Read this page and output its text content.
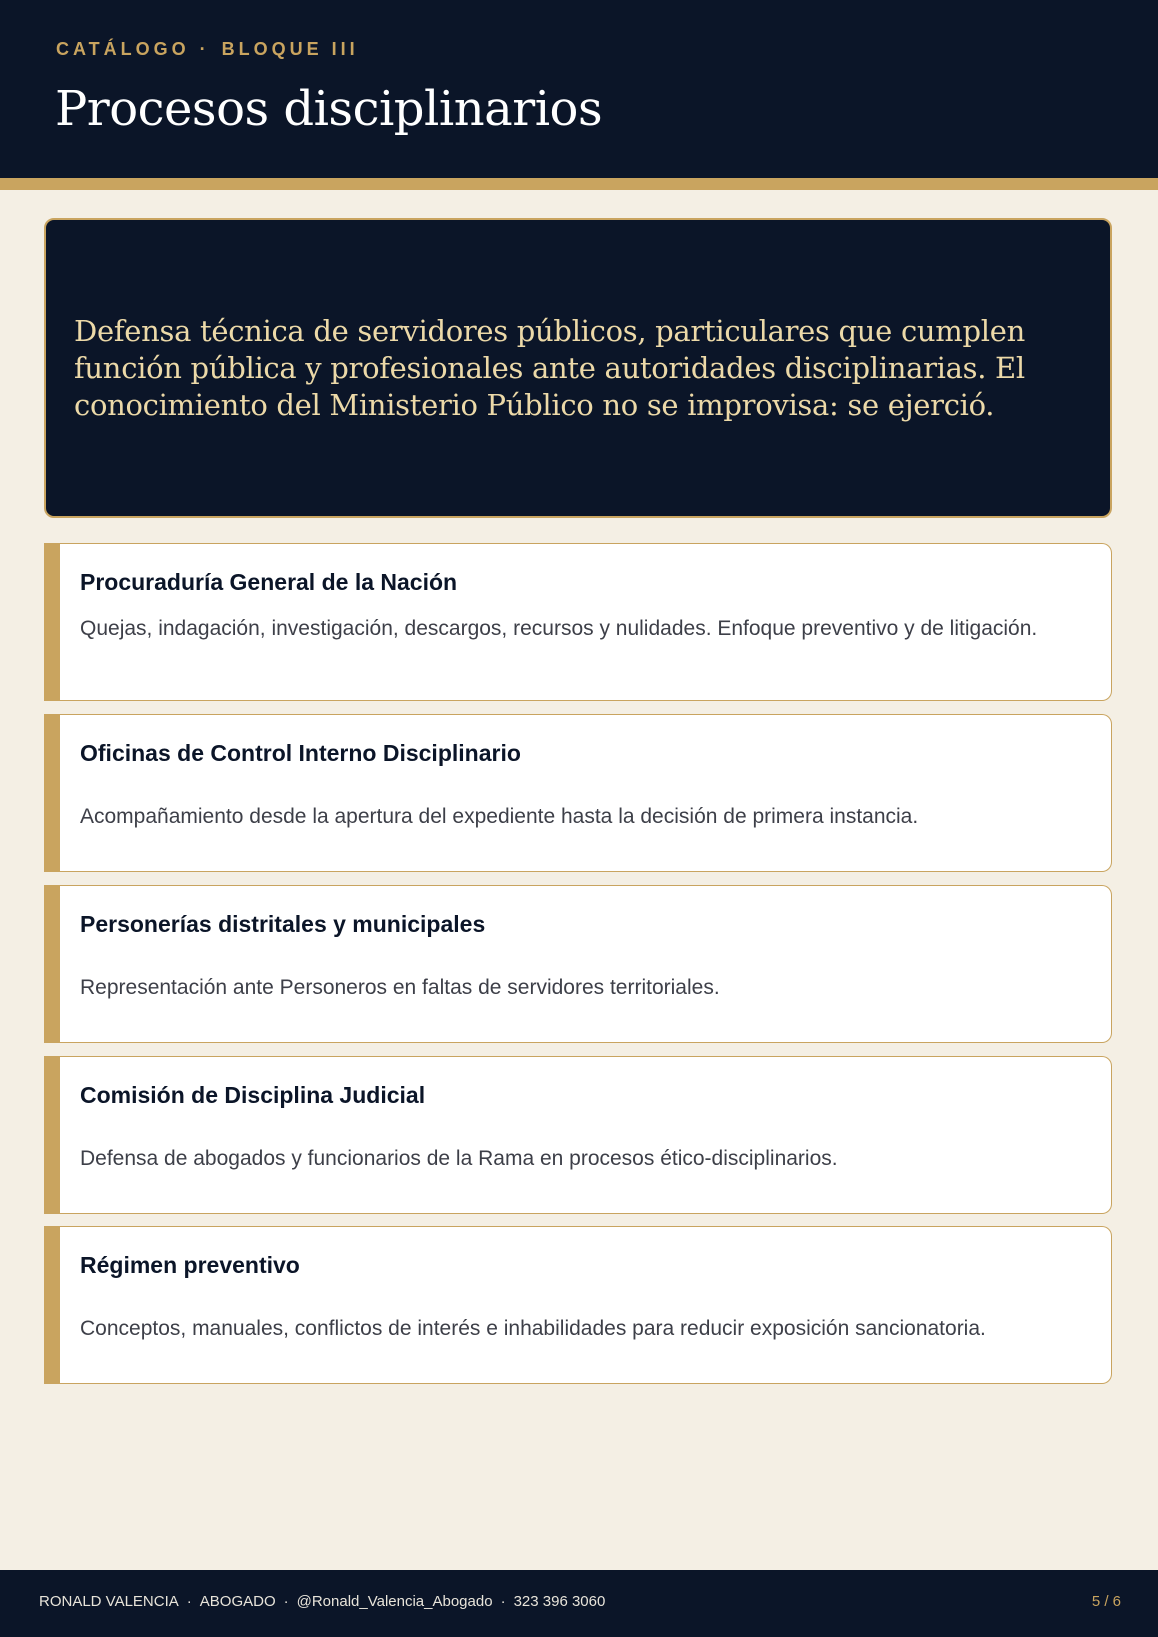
CATÁLOGO · BLOQUE III
Procesos disciplinarios

Defensa técnica de servidores públicos, particulares que cumplen función pública y profesionales ante autoridades disciplinarias. El conocimiento del Ministerio Público no se improvisa: se ejerció.

Procuraduría General de la Nación

Quejas, indagación, investigación, descargos, recursos y nulidades. Enfoque preventivo y de litigación.

Oficinas de Control Interno Disciplinario

Acompañamiento desde la apertura del expediente hasta la decisión de primera instancia.

Personerías distritales y municipales

Representación ante Personeros en faltas de servidores territoriales.

Comisión de Disciplina Judicial

Defensa de abogados y funcionarios de la Rama en procesos ético-disciplinarios.

Régimen preventivo

Conceptos, manuales, conflictos de interés e inhabilidades para reducir exposición sancionatoria.

RONALD VALENCIA · ABOGADO · @Ronald_Valencia_Abogado · 323 396 3060	5 / 6
